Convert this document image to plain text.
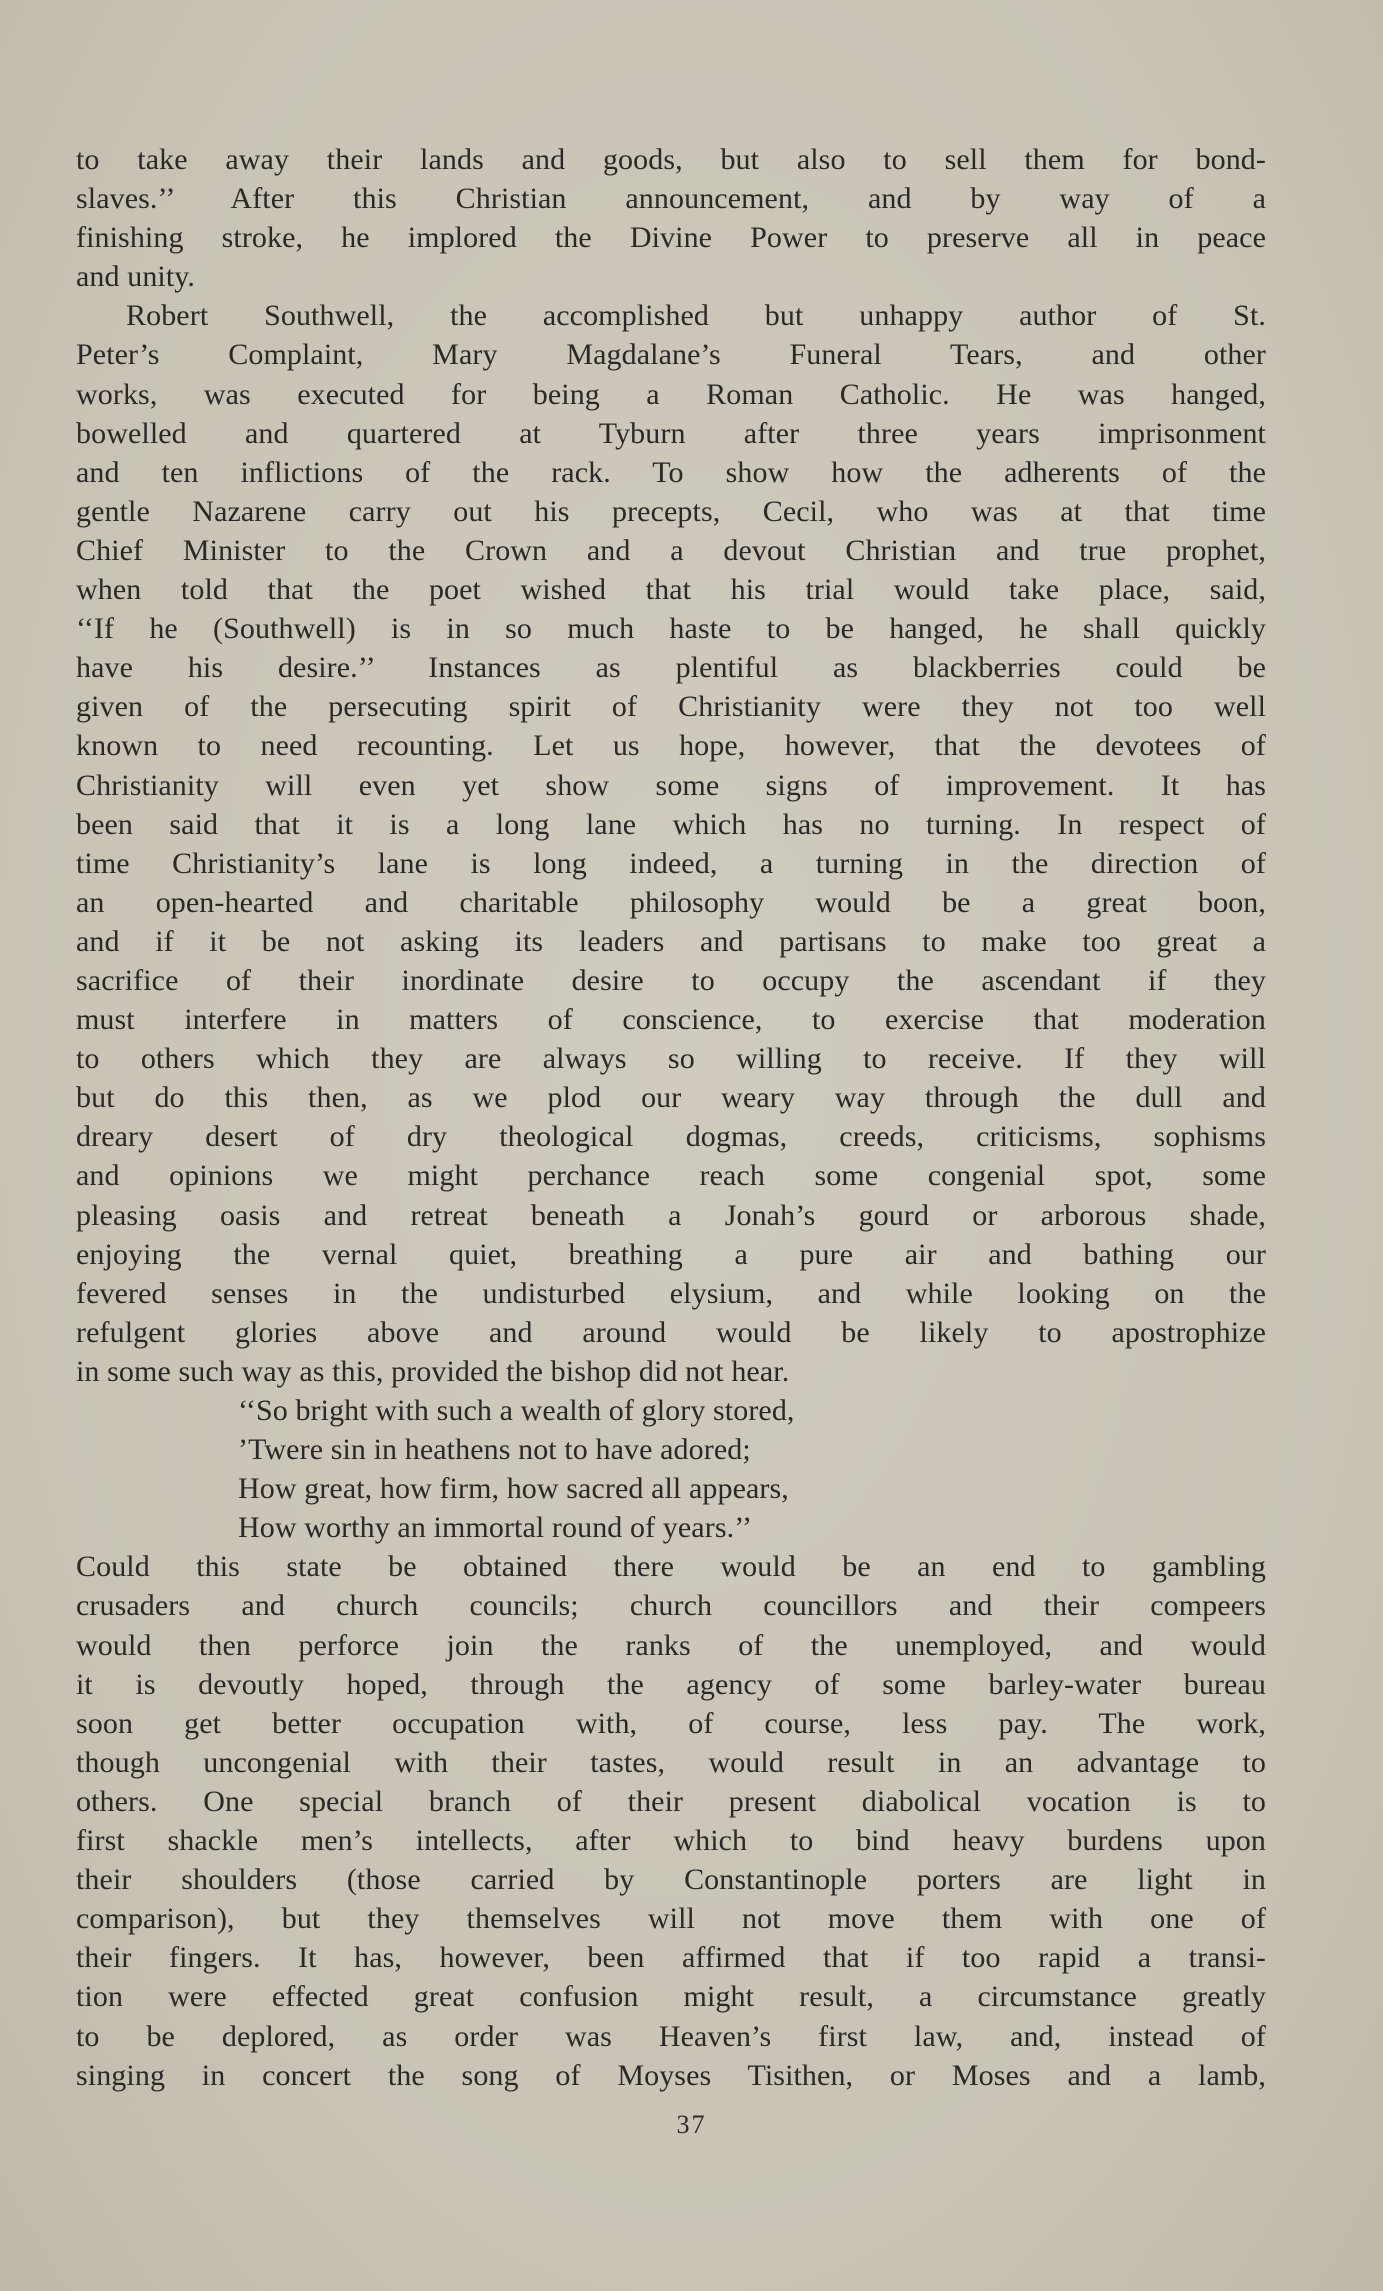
to take away their lands and goods, but also to sell them for bond-
slaves.’’ After this Christian announcement, and by way of a
finishing stroke, he implored the Divine Power to preserve all in peace
and unity.
Robert Southwell, the accomplished but unhappy author of St.
Peter’s Complaint, Mary Magdalane’s Funeral Tears, and other
works, was executed for being a Roman Catholic. He was hanged,
bowelled and quartered at Tyburn after three years imprisonment
and ten inflictions of the rack. To show how the adherents of the
gentle Nazarene carry out his precepts, Cecil, who was at that time
Chief Minister to the Crown and a devout Christian and true prophet,
when told that the poet wished that his trial would take place, said,
‘‘If he (Southwell) is in so much haste to be hanged, he shall quickly
have his desire.’’ Instances as plentiful as blackberries could be
given of the persecuting spirit of Christianity were they not too well
known to need recounting. Let us hope, however, that the devotees of
Christianity will even yet show some signs of improvement. It has
been said that it is a long lane which has no turning. In respect of
time Christianity’s lane is long indeed, a turning in the direction of
an open-hearted and charitable philosophy would be a great boon,
and if it be not asking its leaders and partisans to make too great a
sacrifice of their inordinate desire to occupy the ascendant if they
must interfere in matters of conscience, to exercise that moderation
to others which they are always so willing to receive. If they will
but do this then, as we plod our weary way through the dull and
dreary desert of dry theological dogmas, creeds, criticisms, sophisms
and opinions we might perchance reach some congenial spot, some
pleasing oasis and retreat beneath a Jonah’s gourd or arborous shade,
enjoying the vernal quiet, breathing a pure air and bathing our
fevered senses in the undisturbed elysium, and while looking on the
refulgent glories above and around would be likely to apostrophize
in some such way as this, provided the bishop did not hear.
‘‘So bright with such a wealth of glory stored,
’Twere sin in heathens not to have adored;
How great, how firm, how sacred all appears,
How worthy an immortal round of years.’’
Could this state be obtained there would be an end to gambling
crusaders and church councils; church councillors and their compeers
would then perforce join the ranks of the unemployed, and would
it is devoutly hoped, through the agency of some barley-water bureau
soon get better occupation with, of course, less pay. The work,
though uncongenial with their tastes, would result in an advantage to
others. One special branch of their present diabolical vocation is to
first shackle men’s intellects, after which to bind heavy burdens upon
their shoulders (those carried by Constantinople porters are light in
comparison), but they themselves will not move them with one of
their fingers. It has, however, been affirmed that if too rapid a transi-
tion were effected great confusion might result, a circumstance greatly
to be deplored, as order was Heaven’s first law, and, instead of
singing in concert the song of Moyses Tisithen, or Moses and a lamb,
37
